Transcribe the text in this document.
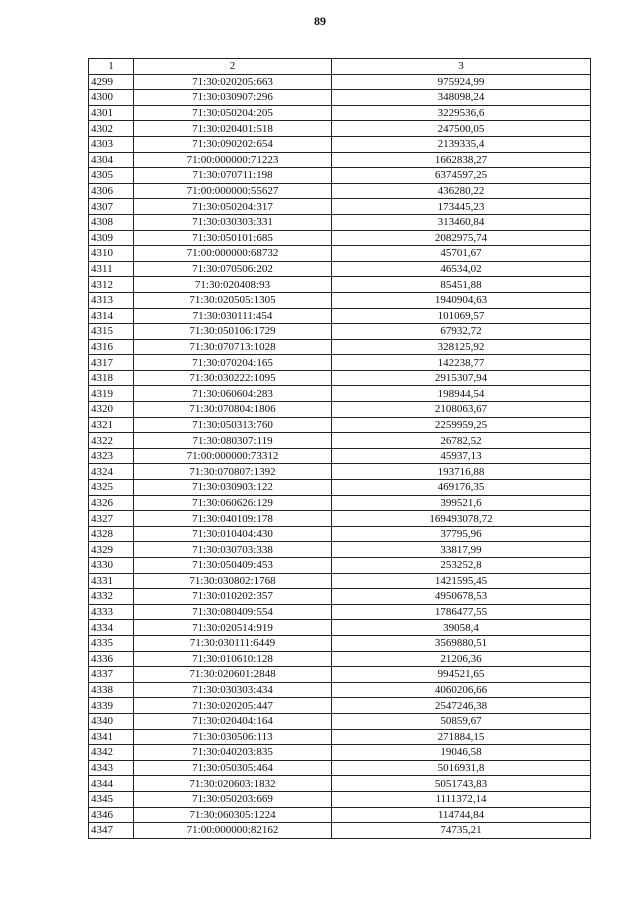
89
1	2	3
4299	71:30:020205:663	975924,99
4300	71:30:030907:296	348098,24
4301	71:30:050204:205	3229536,6
4302	71:30:020401:518	247500,05
4303	71:30:090202:654	2139335,4
4304	71:00:000000:71223	1662838,27
4305	71:30:070711:198	6374597,25
4306	71:00:000000:55627	436280,22
4307	71:30:050204:317	173445,23
4308	71:30:030303:331	313460,84
4309	71:30:050101:685	2082975,74
4310	71:00:000000:68732	45701,67
4311	71:30:070506:202	46534,02
4312	71:30:020408:93	85451,88
4313	71:30:020505:1305	1940904,63
4314	71:30:030111:454	101069,57
4315	71:30:050106:1729	67932,72
4316	71:30:070713:1028	328125,92
4317	71:30:070204:165	142238,77
4318	71:30:030222:1095	2915307,94
4319	71:30:060604:283	198944,54
4320	71:30:070804:1806	2108063,67
4321	71:30:050313:760	2259959,25
4322	71:30:080307:119	26782,52
4323	71:00:000000:73312	45937,13
4324	71:30:070807:1392	193716,88
4325	71:30:030903:122	469176,35
4326	71:30:060626:129	399521,6
4327	71:30:040109:178	169493078,72
4328	71:30:010404:430	37795,96
4329	71:30:030703:338	33817,99
4330	71:30:050409:453	253252,8
4331	71:30:030802:1768	1421595,45
4332	71:30:010202:357	4950678,53
4333	71:30:080409:554	1786477,55
4334	71:30:020514:919	39058,4
4335	71:30:030111:6449	3569880,51
4336	71:30:010610:128	21206,36
4337	71:30:020601:2848	994521,65
4338	71:30:030303:434	4060206,66
4339	71:30:020205:447	2547246,38
4340	71:30:020404:164	50859,67
4341	71:30:030506:113	271884,15
4342	71:30:040203:835	19046,58
4343	71:30:050305:464	5016931,8
4344	71:30:020603:1832	5051743,83
4345	71:30:050203:669	1111372,14
4346	71:30:060305:1224	114744,84
4347	71:00:000000:82162	74735,21
